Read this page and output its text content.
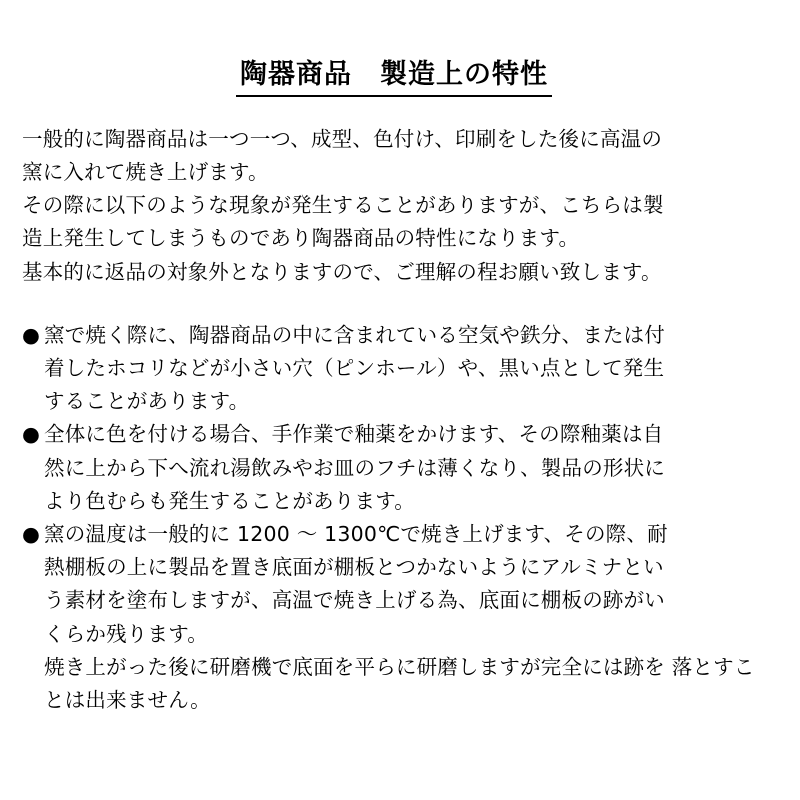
陶器商品　製造上の特性

一般的に陶器商品は一つ一つ、成型、色付け、印刷をした後に高温の

窯に入れて焼き上げます。

その際に以下のような現象が発生することがありますが、こちらは製

造上発生してしまうものであり陶器商品の特性になります。

基本的に返品の対象外となりますので、ご理解の程お願い致します。

● 窯で焼く際に、陶器商品の中に含まれている空気や鉄分、または付
着したホコリなどが小さい穴（ピンホール）や、黒い点として発生
することがあります。
● 全体に色を付ける場合、手作業で釉薬をかけます、その際釉薬は自
然に上から下へ流れ湯飲みやお皿のフチは薄くなり、製品の形状に
より色むらも発生することがあります。
● 窯の温度は一般的に 1200 ～ 1300℃で焼き上げます、その際、耐
熱棚板の上に製品を置き底面が棚板とつかないようにアルミナとい
う素材を塗布しますが、高温で焼き上げる為、底面に棚板の跡がい
くらか残ります。
焼き上がった後に研磨機で底面を平らに研磨しますが完全には跡を 落とすことは出来ません。
